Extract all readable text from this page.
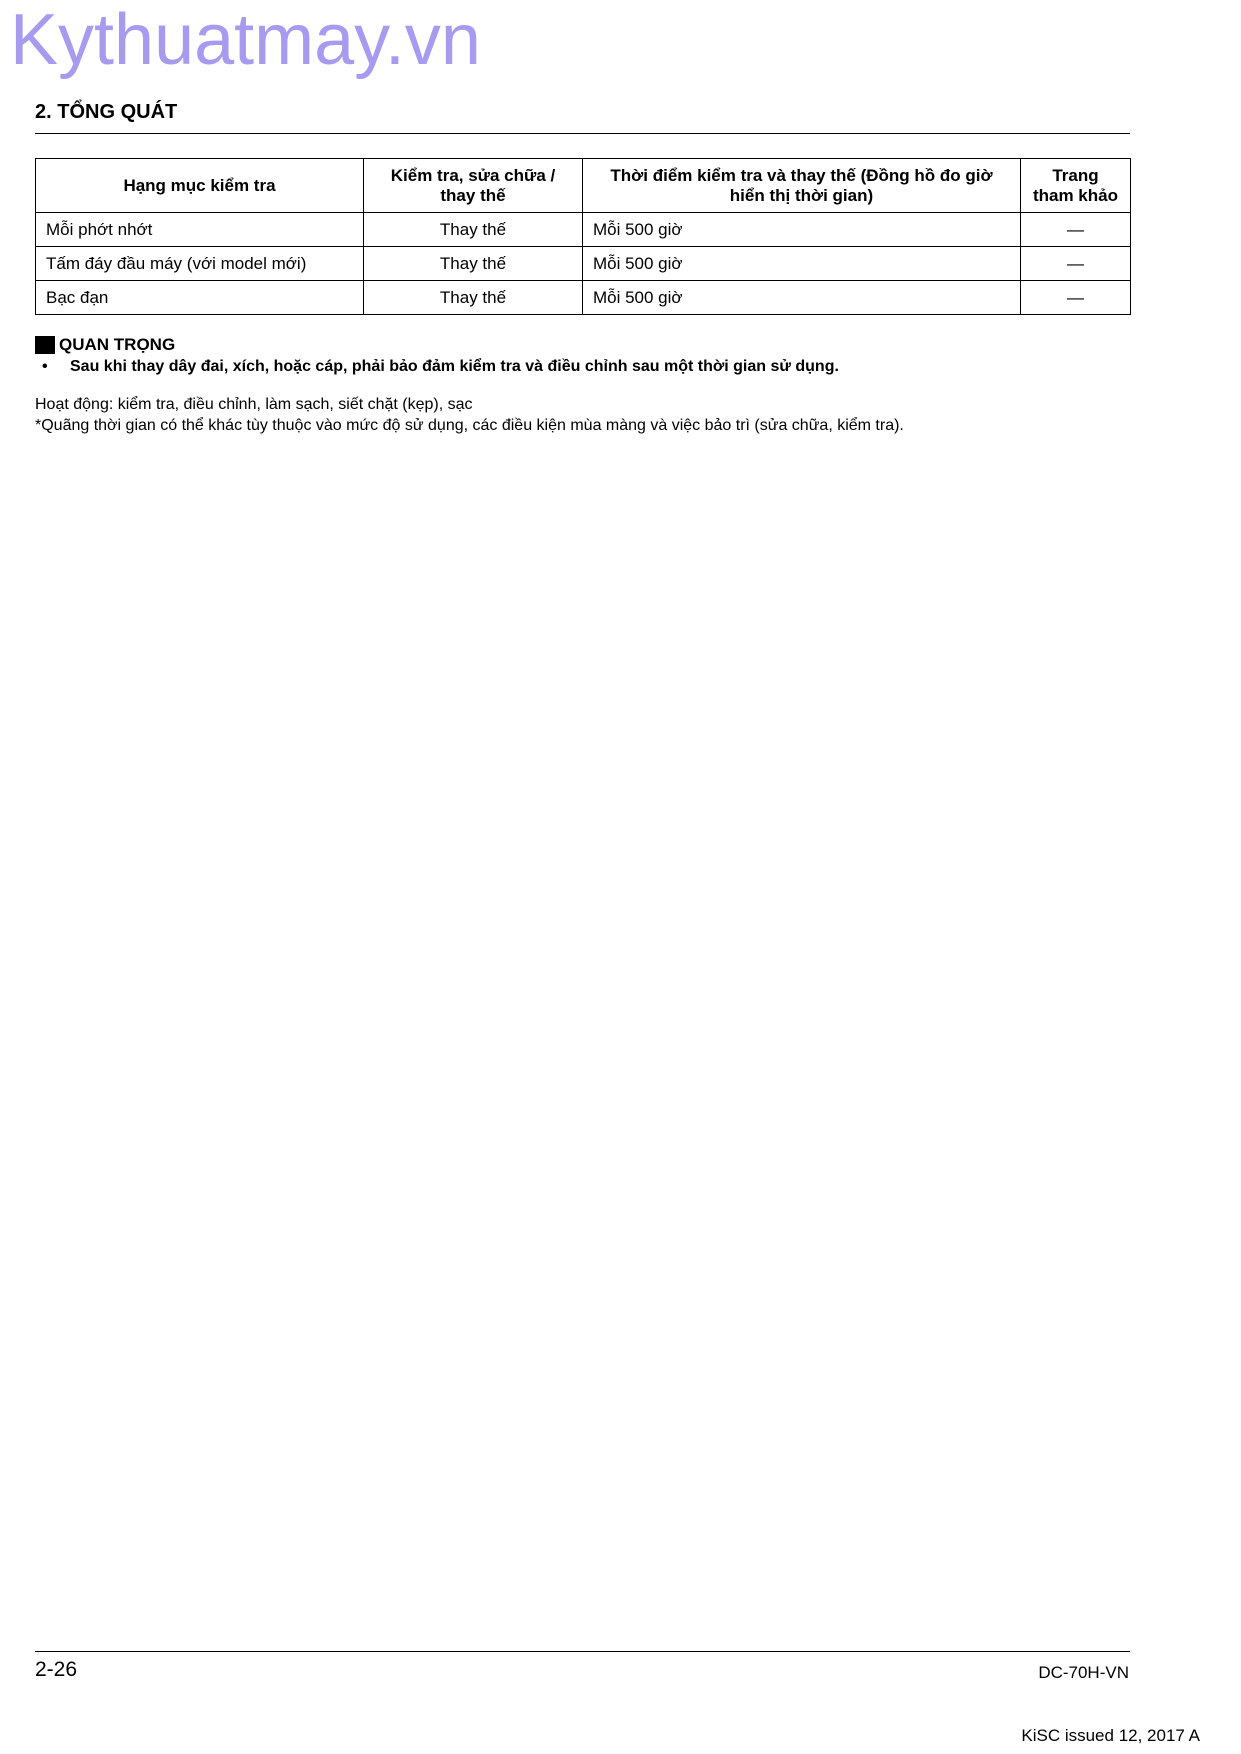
Kythuatmay.vn
2. TỔNG QUÁT
Hạng mục kiểm tra	Kiểm tra, sửa chữa / thay thế	Thời điểm kiểm tra và thay thế (Đồng hồ đo giờ hiển thị thời gian)	Trang tham khảo
Mỗi phớt nhớt	Thay thế	Mỗi 500 giờ	—
Tấm đáy đầu máy (với model mới)	Thay thế	Mỗi 500 giờ	—
Bạc đạn	Thay thế	Mỗi 500 giờ	—
QUAN TRỌNG
•	Sau khi thay dây đai, xích, hoặc cáp, phải bảo đảm kiểm tra và điều chỉnh sau một thời gian sử dụng.
Hoạt động: kiểm tra, điều chỉnh, làm sạch, siết chặt (kẹp), sạc
*Quãng thời gian có thể khác tùy thuộc vào mức độ sử dụng, các điều kiện mùa màng và việc bảo trì (sửa chữa, kiểm tra).
2-26	DC-70H-VN
KiSC issued 12, 2017 A
